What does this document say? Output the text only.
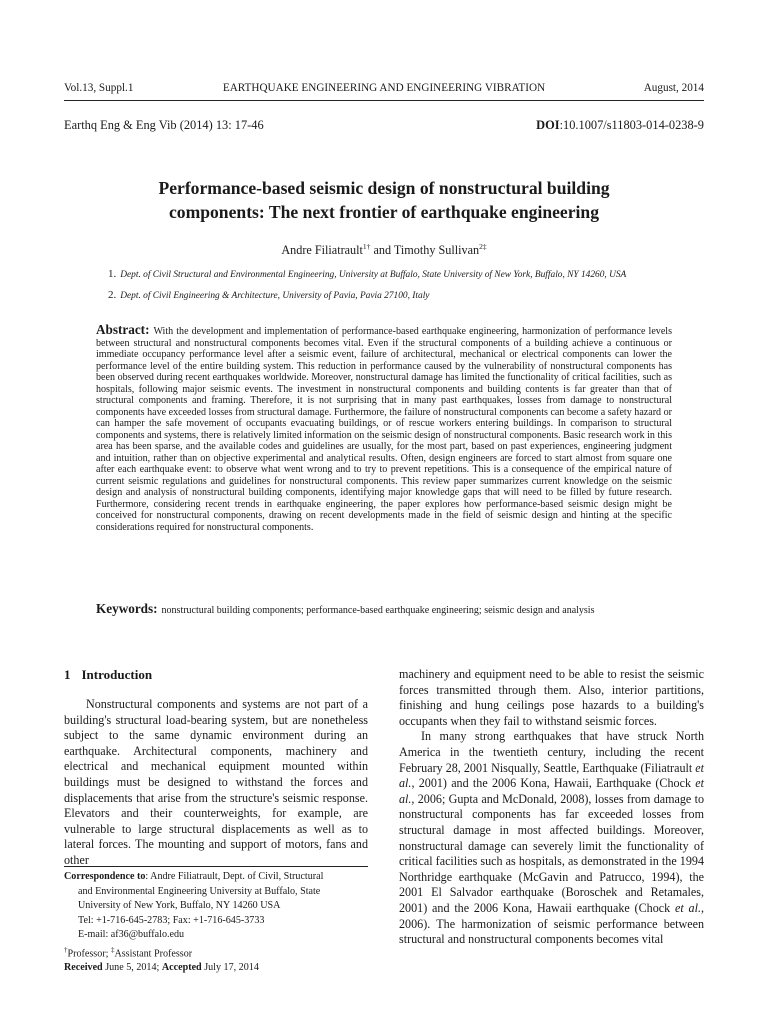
Vol.13, Suppl.1	EARTHQUAKE ENGINEERING AND ENGINEERING VIBRATION	August, 2014
Earthq Eng & Eng Vib (2014) 13: 17-46	DOI:10.1007/s11803-014-0238-9
Performance-based seismic design of nonstructural building
components: The next frontier of earthquake engineering
Andre Filiatrault$^{1\dagger}$ and Timothy Sullivan$^{2\ddagger}$
1. Dept. of Civil Structural and Environmental Engineering, University at Buffalo, State University of New York, Buffalo, NY 14260, USA
2. Dept. of Civil Engineering & Architecture, University of Pavia, Pavia 27100, Italy
Abstract: With the development and implementation of performance-based earthquake engineering, harmonization of performance levels between structural and nonstructural components becomes vital. Even if the structural components of a building achieve a continuous or immediate occupancy performance level after a seismic event, failure of architectural, mechanical or electrical components can lower the performance level of the entire building system. This reduction in performance caused by the vulnerability of nonstructural components has been observed during recent earthquakes worldwide. Moreover, nonstructural damage has limited the functionality of critical facilities, such as hospitals, following major seismic events. The investment in nonstructural components and building contents is far greater than that of structural components and framing. Therefore, it is not surprising that in many past earthquakes, losses from damage to nonstructural components have exceeded losses from structural damage. Furthermore, the failure of nonstructural components can become a safety hazard or can hamper the safe movement of occupants evacuating buildings, or of rescue workers entering buildings. In comparison to structural components and systems, there is relatively limited information on the seismic design of nonstructural components. Basic research work in this area has been sparse, and the available codes and guidelines are usually, for the most part, based on past experiences, engineering judgment and intuition, rather than on objective experimental and analytical results. Often, design engineers are forced to start almost from square one after each earthquake event: to observe what went wrong and to try to prevent repetitions. This is a consequence of the empirical nature of current seismic regulations and guidelines for nonstructural components. This review paper summarizes current knowledge on the seismic design and analysis of nonstructural building components, identifying major knowledge gaps that will need to be filled by future research. Furthermore, considering recent trends in earthquake engineering, the paper explores how performance-based seismic design might be conceived for nonstructural components, drawing on recent developments made in the field of seismic design and hinting at the specific considerations required for nonstructural components.
Keywords: nonstructural building components; performance-based earthquake engineering; seismic design and analysis
1 Introduction

Nonstructural components and systems are not part of a building's structural load-bearing system, but are nonetheless subject to the same dynamic environment during an earthquake. Architectural components, machinery and electrical and mechanical equipment mounted within buildings must be designed to withstand the forces and displacements that arise from the structure's seismic response. Elevators and their counterweights, for example, are vulnerable to large structural displacements as well as to lateral forces. The mounting and support of motors, fans and other

machinery and equipment need to be able to resist the seismic forces transmitted through them. Also, interior partitions, finishing and hung ceilings pose hazards to a building's occupants when they fail to withstand seismic forces.

In many strong earthquakes that have struck North America in the twentieth century, including the recent February 28, 2001 Nisqually, Seattle, Earthquake (Filiatrault et al., 2001) and the 2006 Kona, Hawaii, Earthquake (Chock et al., 2006; Gupta and McDonald, 2008), losses from damage to nonstructural components has far exceeded losses from structural damage in most affected buildings. Moreover, nonstructural damage can severely limit the functionality of critical facilities such as hospitals, as demonstrated in the 1994 Northridge earthquake (McGavin and Patrucco, 1994), the 2001 El Salvador earthquake (Boroschek and Retamales, 2001) and the 2006 Kona, Hawaii earthquake (Chock et al., 2006). The harmonization of seismic performance between structural and nonstructural components becomes vital

Correspondence to: Andre Filiatrault, Dept. of Civil, Structural
and Environmental Engineering University at Buffalo, State
University of New York, Buffalo, NY 14260 USA
Tel: +1-716-645-2783; Fax: +1-716-645-3733
E-mail: af36@buffalo.edu
†Professor; ‡Assistant Professor
Received June 5, 2014; Accepted July 17, 2014
